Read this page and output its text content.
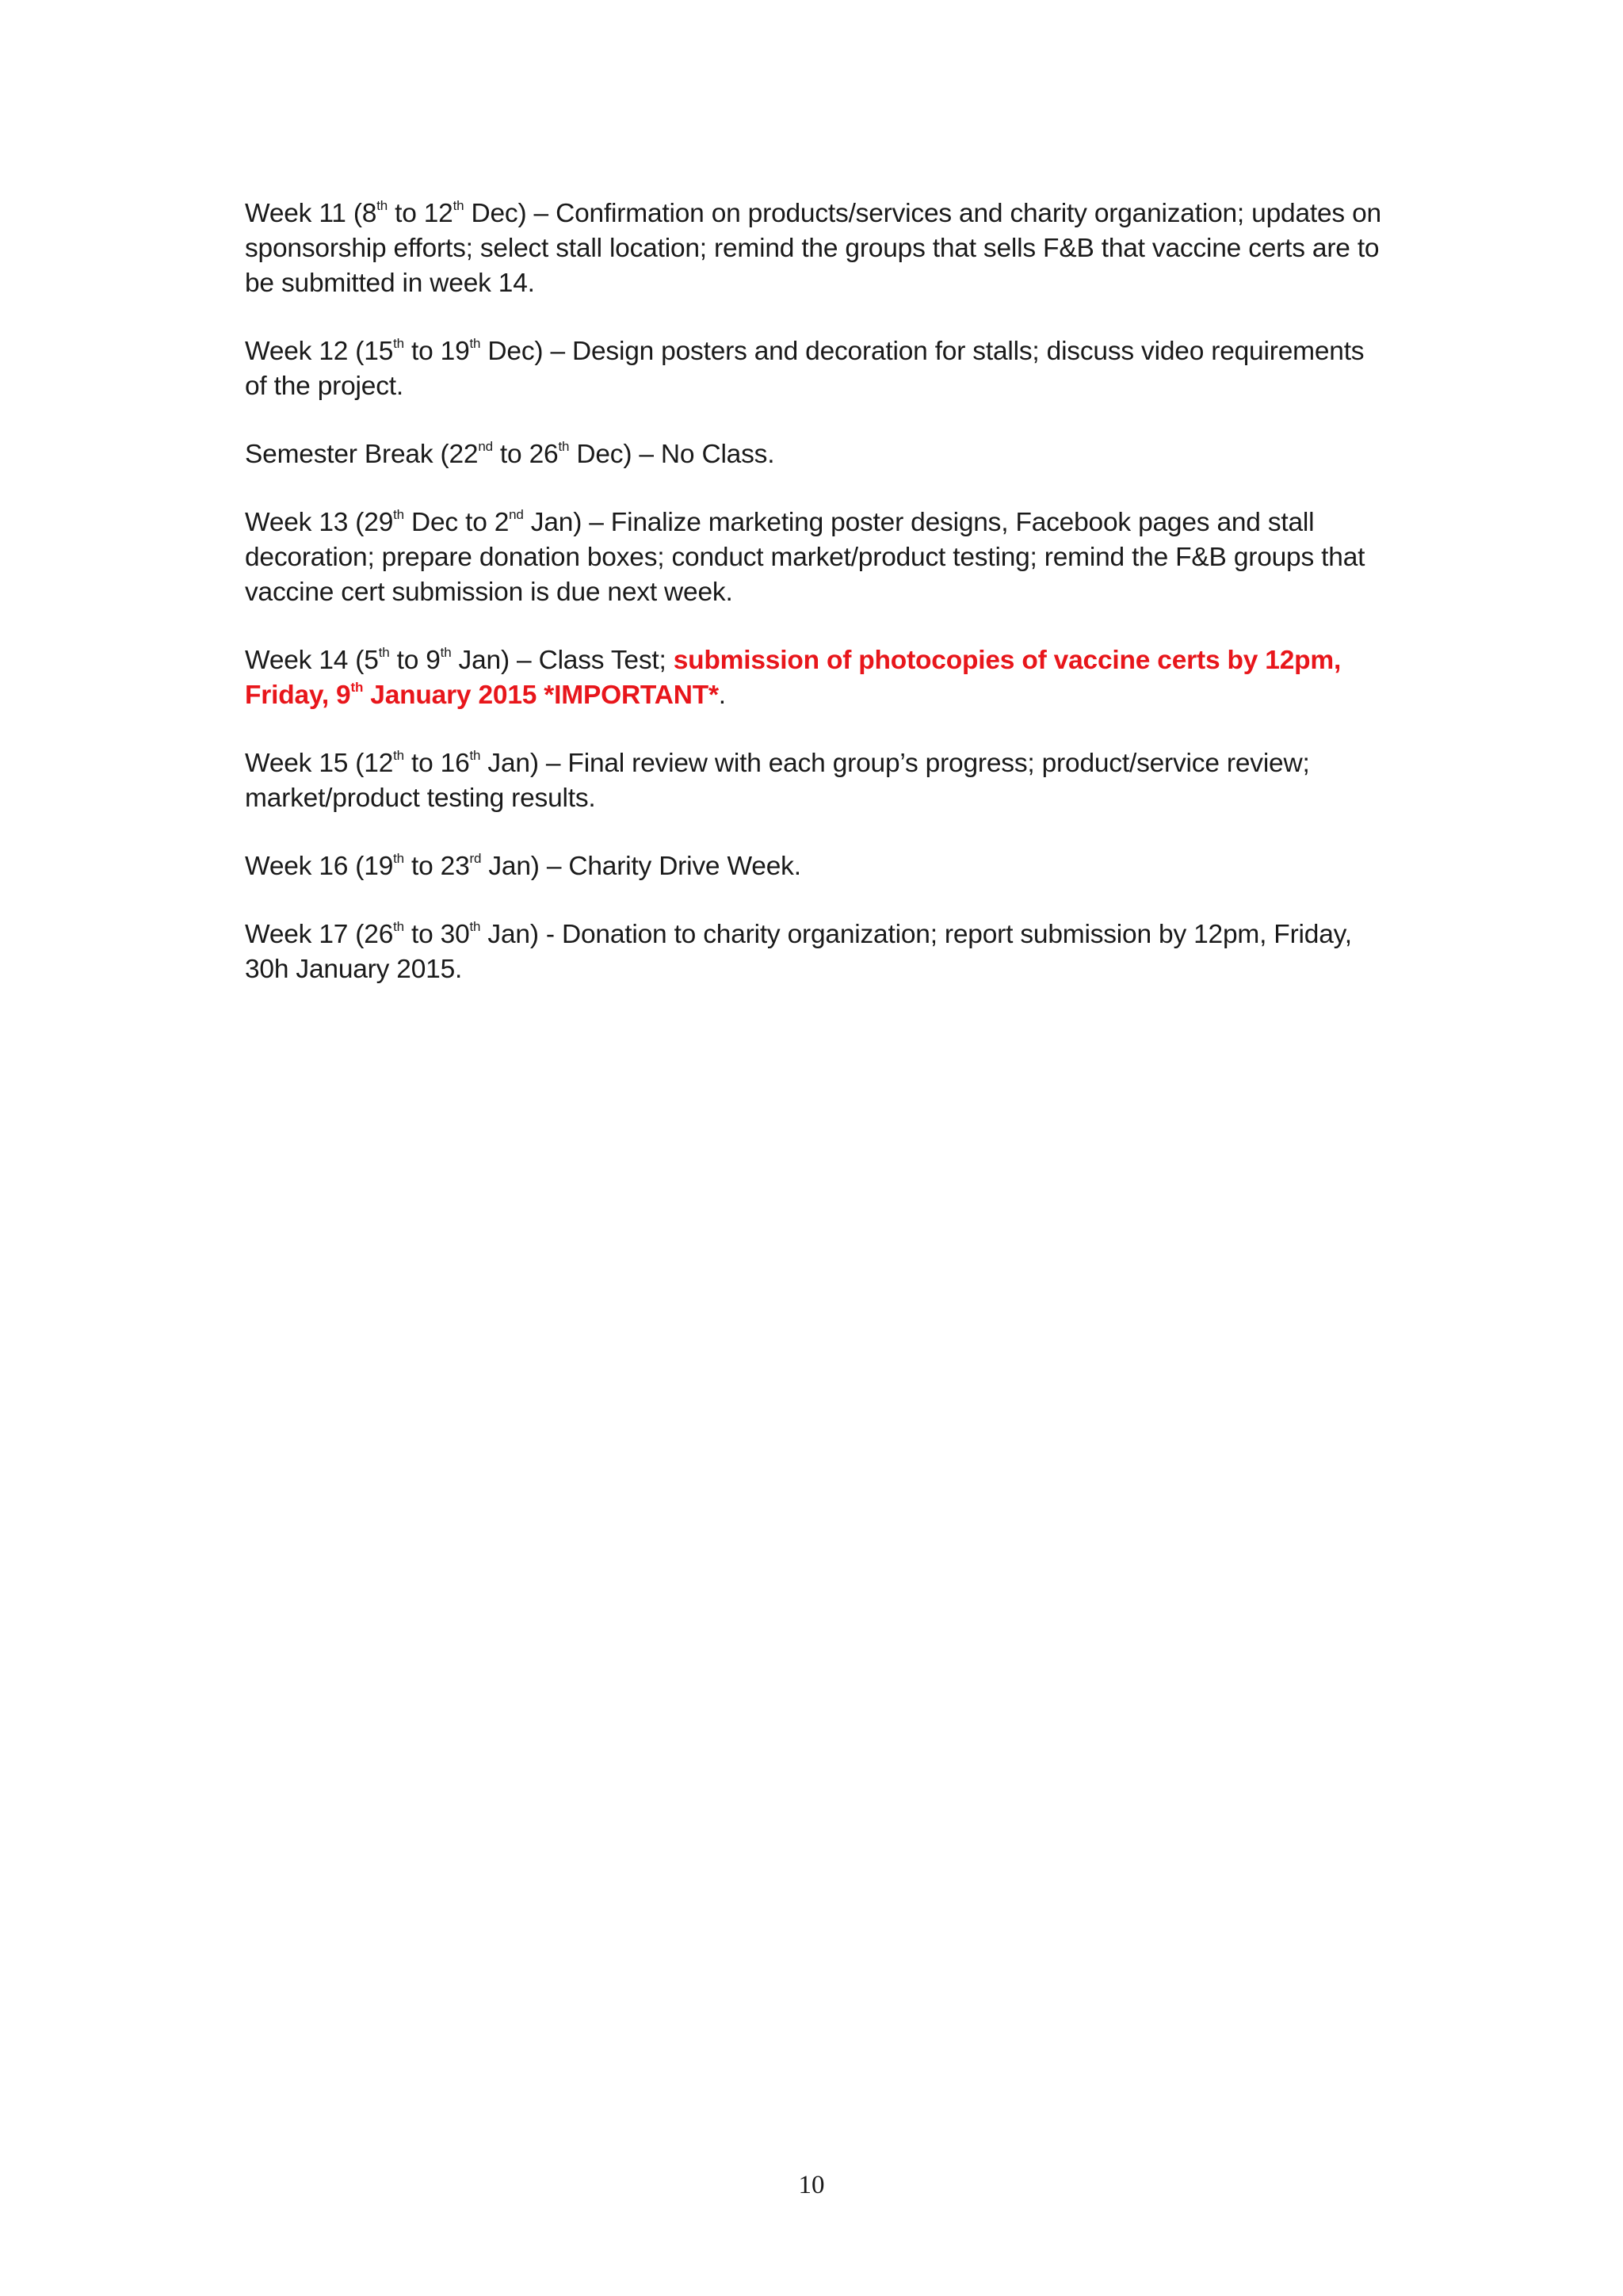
Week 11 (8th to 12th Dec) – Confirmation on products/services and charity organization; updates on sponsorship efforts; select stall location; remind the groups that sells F&B that vaccine certs are to be submitted in week 14.

Week 12 (15th to 19th Dec) – Design posters and decoration for stalls; discuss video requirements of the project.

Semester Break (22nd to 26th Dec) – No Class.

Week 13 (29th Dec to 2nd Jan) – Finalize marketing poster designs, Facebook pages and stall decoration; prepare donation boxes; conduct market/product testing; remind the F&B groups that vaccine cert submission is due next week.

Week 14 (5th to 9th Jan) – Class Test; submission of photocopies of vaccine certs by 12pm, Friday, 9th January 2015 *IMPORTANT*.

Week 15 (12th to 16th Jan) – Final review with each group’s progress; product/service review; market/product testing results.

Week 16 (19th to 23rd Jan) – Charity Drive Week.

Week 17 (26th to 30th Jan) - Donation to charity organization; report submission by 12pm, Friday, 30h January 2015.

10
